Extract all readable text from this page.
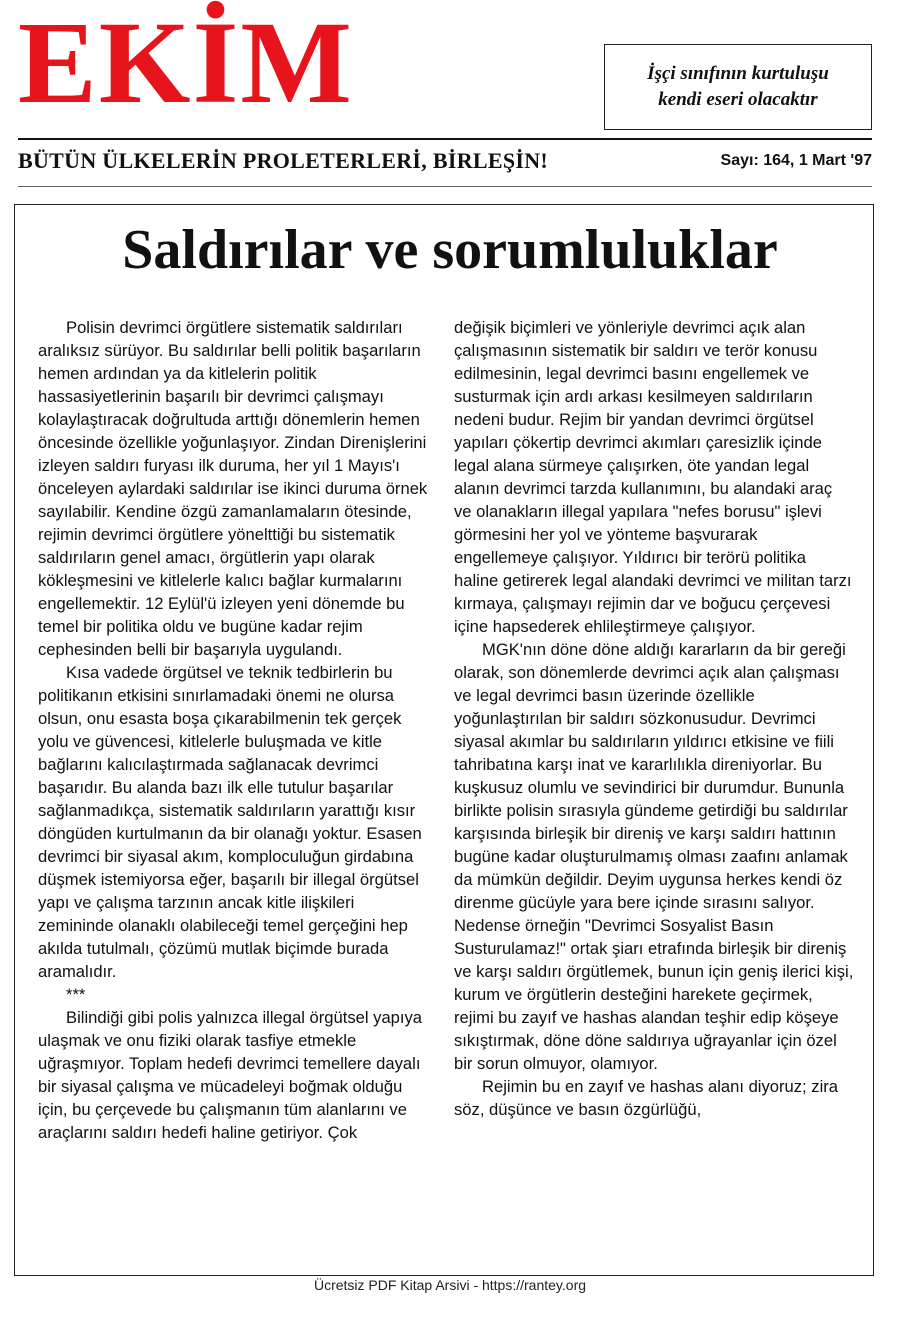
EKİM	İşçi sınıfının kurtuluşu
kendi eseri olacaktır
BÜTÜN ÜLKELERİN PROLETERLERİ, BİRLEŞİN!	Sayı: 164, 1 Mart '97
Saldırılar ve sorumluluklar

Polisin devrimci örgütlere sistematik saldırıları aralıksız sürüyor. Bu saldırılar belli politik başarıların hemen ardından ya da kitlelerin politik hassasiyetlerinin başarılı bir devrimci çalışmayı kolaylaştıracak doğrultuda arttığı dönemlerin hemen öncesinde özellikle yoğunlaşıyor. Zindan Direnişlerini izleyen saldırı furyası ilk duruma, her yıl 1 Mayıs'ı önceleyen aylardaki saldırılar ise ikinci duruma örnek sayılabilir. Kendine özgü zamanlamaların ötesinde, rejimin devrimci örgütlere yönelttiği bu sistematik saldırıların genel amacı, örgütlerin yapı olarak kökleşmesini ve kitlelerle kalıcı bağlar kurmalarını engellemektir. 12 Eylül'ü izleyen yeni dönemde bu temel bir politika oldu ve bugüne kadar rejim cephesinden belli bir başarıyla uygulandı.

Kısa vadede örgütsel ve teknik tedbirlerin bu politikanın etkisini sınırlamadaki önemi ne olursa olsun, onu esasta boşa çıkarabilmenin tek gerçek yolu ve güvencesi, kitlelerle buluşmada ve kitle bağlarını kalıcılaştırmada sağlanacak devrimci başarıdır. Bu alanda bazı ilk elle tutulur başarılar sağlanmadıkça, sistematik saldırıların yarattığı kısır döngüden kurtulmanın da bir olanağı yoktur. Esasen devrimci bir siyasal akım, komploculuğun girdabına düşmek istemiyorsa eğer, başarılı bir illegal örgütsel yapı ve çalışma tarzının ancak kitle ilişkileri zemininde olanaklı olabileceği temel gerçeğini hep akılda tutulmalı, çözümü mutlak biçimde burada aramalıdır.

***

Bilindiği gibi polis yalnızca illegal örgütsel yapıya ulaşmak ve onu fiziki olarak tasfiye etmekle uğraşmıyor. Toplam hedefi devrimci temellere dayalı bir siyasal çalışma ve mücadeleyi boğmak olduğu için, bu çerçevede bu çalışmanın tüm alanlarını ve araçlarını saldırı hedefi haline getiriyor. Çok

değişik biçimleri ve yönleriyle devrimci açık alan çalışmasının sistematik bir saldırı ve terör konusu edilmesinin, legal devrimci basını engellemek ve susturmak için ardı arkası kesilmeyen saldırıların nedeni budur. Rejim bir yandan devrimci örgütsel yapıları çökertip devrimci akımları çaresizlik içinde legal alana sürmeye çalışırken, öte yandan legal alanın devrimci tarzda kullanımını, bu alandaki araç ve olanakların illegal yapılara "nefes borusu" işlevi görmesini her yol ve yönteme başvurarak engellemeye çalışıyor. Yıldırıcı bir terörü politika haline getirerek legal alandaki devrimci ve militan tarzı kırmaya, çalışmayı rejimin dar ve boğucu çerçevesi içine hapsederek ehlileştirmeye çalışıyor.

MGK'nın döne döne aldığı kararların da bir gereği olarak, son dönemlerde devrimci açık alan çalışması ve legal devrimci basın üzerinde özellikle yoğunlaştırılan bir saldırı sözkonusudur. Devrimci siyasal akımlar bu saldırıların yıldırıcı etkisine ve fiili tahribatına karşı inat ve kararlılıkla direniyorlar. Bu kuşkusuz olumlu ve sevindirici bir durumdur. Bununla birlikte polisin sırasıyla gündeme getirdiği bu saldırılar karşısında birleşik bir direniş ve karşı saldırı hattının bugüne kadar oluşturulmamış olması zaafını anlamak da mümkün değildir. Deyim uygunsa herkes kendi öz direnme gücüyle yara bere içinde sırasını salıyor. Nedense örneğin "Devrimci Sosyalist Basın Susturulamaz!" ortak şiarı etrafında birleşik bir direniş ve karşı saldırı örgütlemek, bunun için geniş ilerici kişi, kurum ve örgütlerin desteğini harekete geçirmek, rejimi bu zayıf ve hashas alandan teşhir edip köşeye sıkıştırmak, döne döne saldırıya uğrayanlar için özel bir sorun olmuyor, olamıyor.

Rejimin bu en zayıf ve hashas alanı diyoruz; zira söz, düşünce ve basın özgürlüğü,

Ücretsiz PDF Kitap Arsivi - https://rantey.org
